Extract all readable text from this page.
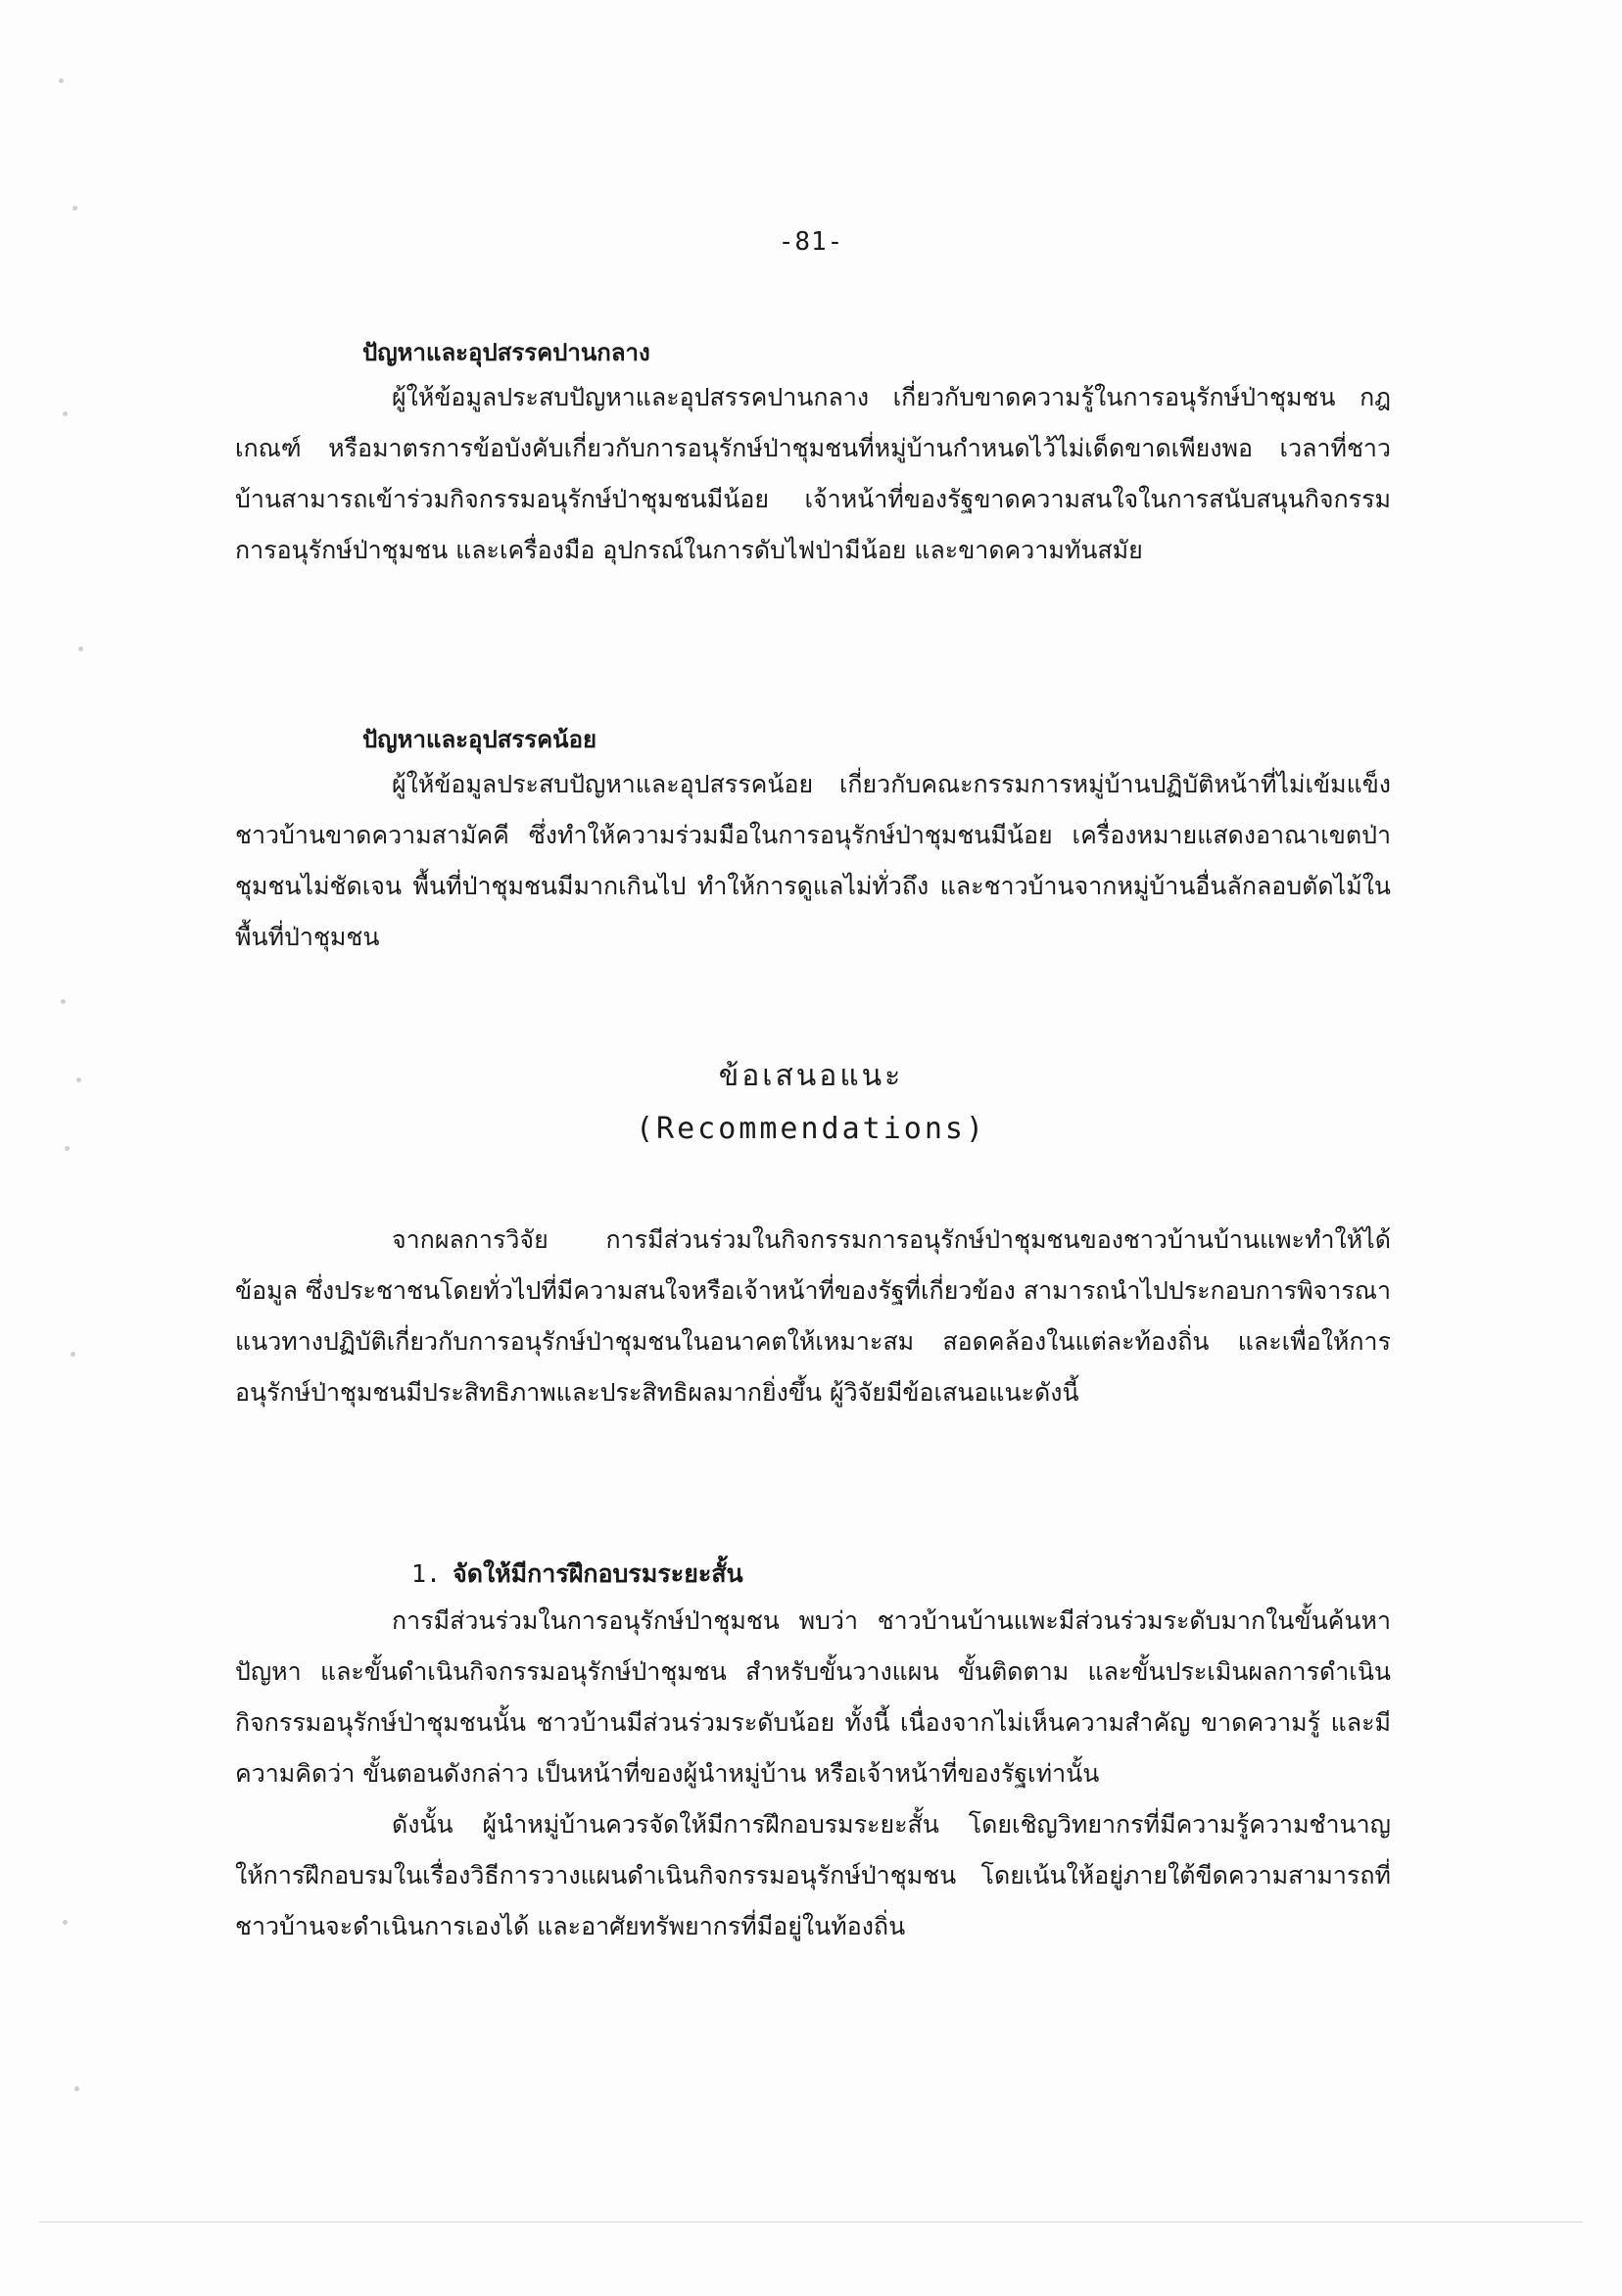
-81-
ปัญหาและอุปสรรคปานกลาง

ผู้ให้ข้อมูลประสบปัญหาและอุปสรรคปานกลาง เกี่ยวกับขาดความรู้ในการอนุรักษ์ป่าชุมชน กฎเกณฑ์ หรือมาตรการข้อบังคับเกี่ยวกับการอนุรักษ์ป่าชุมชนที่หมู่บ้านกำหนดไว้ไม่เด็ดขาดเพียงพอ เวลาที่ชาวบ้านสามารถเข้าร่วมกิจกรรมอนุรักษ์ป่าชุมชนมีน้อย เจ้าหน้าที่ของรัฐขาดความสนใจในการสนับสนุนกิจกรรมการอนุรักษ์ป่าชุมชน และเครื่องมือ อุปกรณ์ในการดับไฟป่ามีน้อย และขาดความทันสมัย

ปัญหาและอุปสรรคน้อย

ผู้ให้ข้อมูลประสบปัญหาและอุปสรรคน้อย เกี่ยวกับคณะกรรมการหมู่บ้านปฏิบัติหน้าที่ไม่เข้มแข็ง ชาวบ้านขาดความสามัคคี ซึ่งทำให้ความร่วมมือในการอนุรักษ์ป่าชุมชนมีน้อย เครื่องหมายแสดงอาณาเขตป่าชุมชนไม่ชัดเจน พื้นที่ป่าชุมชนมีมากเกินไป ทำให้การดูแลไม่ทั่วถึง และชาวบ้านจากหมู่บ้านอื่นลักลอบตัดไม้ในพื้นที่ป่าชุมชน

ข้อเสนอแนะ
(Recommendations)

จากผลการวิจัย การมีส่วนร่วมในกิจกรรมการอนุรักษ์ป่าชุมชนของชาวบ้านบ้านแพะทำให้ได้ข้อมูล ซึ่งประชาชนโดยทั่วไปที่มีความสนใจหรือเจ้าหน้าที่ของรัฐที่เกี่ยวข้อง สามารถนำไปประกอบการพิจารณาแนวทางปฏิบัติเกี่ยวกับการอนุรักษ์ป่าชุมชนในอนาคตให้เหมาะสม สอดคล้องในแต่ละท้องถิ่น และเพื่อให้การอนุรักษ์ป่าชุมชนมีประสิทธิภาพและประสิทธิผลมากยิ่งขึ้น ผู้วิจัยมีข้อเสนอแนะดังนี้

1. จัดให้มีการฝึกอบรมระยะสั้น

การมีส่วนร่วมในการอนุรักษ์ป่าชุมชน พบว่า ชาวบ้านบ้านแพะมีส่วนร่วมระดับมากในขั้นค้นหาปัญหา และขั้นดำเนินกิจกรรมอนุรักษ์ป่าชุมชน สำหรับขั้นวางแผน ขั้นติดตาม และขั้นประเมินผลการดำเนินกิจกรรมอนุรักษ์ป่าชุมชนนั้น ชาวบ้านมีส่วนร่วมระดับน้อย ทั้งนี้ เนื่องจากไม่เห็นความสำคัญ ขาดความรู้ และมีความคิดว่า ขั้นตอนดังกล่าว เป็นหน้าที่ของผู้นำหมู่บ้าน หรือเจ้าหน้าที่ของรัฐเท่านั้น

ดังนั้น ผู้นำหมู่บ้านควรจัดให้มีการฝึกอบรมระยะสั้น โดยเชิญวิทยากรที่มีความรู้ความชำนาญ ให้การฝึกอบรมในเรื่องวิธีการวางแผนดำเนินกิจกรรมอนุรักษ์ป่าชุมชน โดยเน้นให้อยู่ภายใต้ขีดความสามารถที่ชาวบ้านจะดำเนินการเองได้ และอาศัยทรัพยากรที่มีอยู่ในท้องถิ่น
